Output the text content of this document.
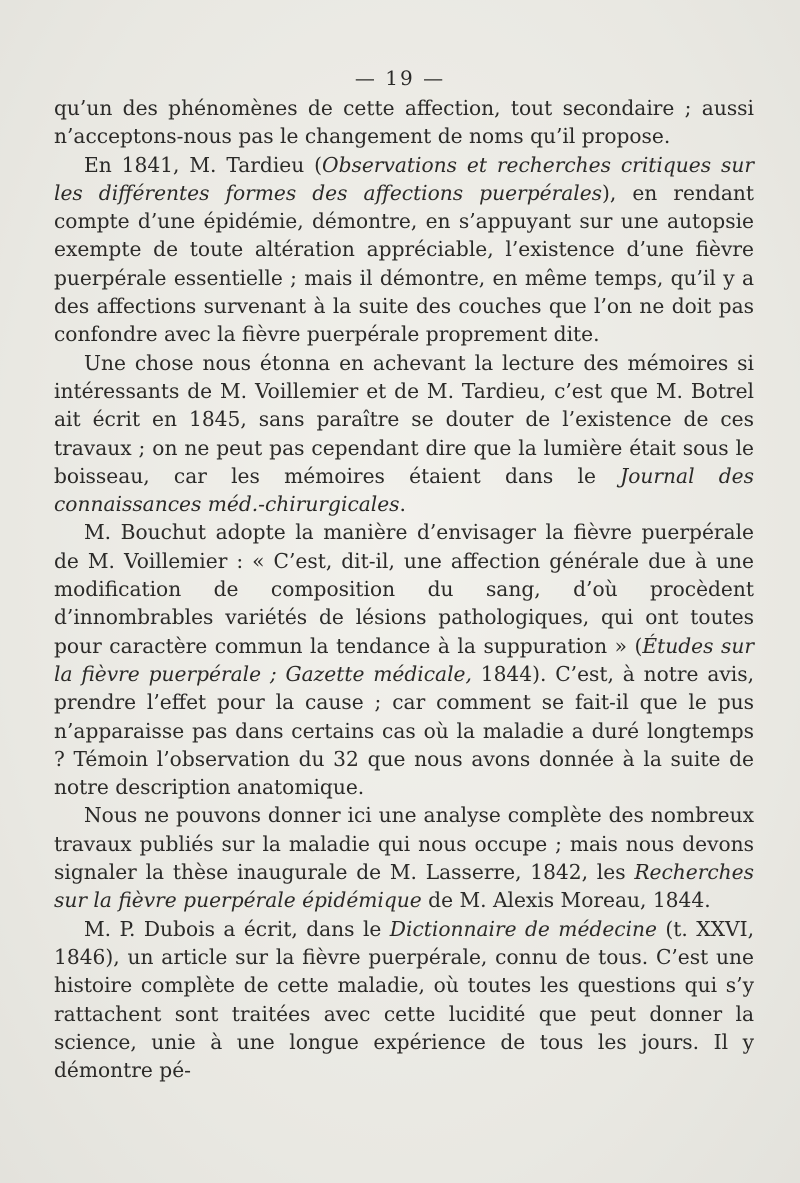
— 19 —

qu’un des phénomènes de cette affection, tout secondaire ; aussi n’acceptons-nous pas le changement de noms qu’il propose.

En 1841, M. Tardieu (Observations et recherches critiques sur les différentes formes des affections puerpérales), en rendant compte d’une épidémie, démontre, en s’appuyant sur une autopsie exempte de toute altération appréciable, l’existence d’une fièvre puerpérale essentielle ; mais il démontre, en même temps, qu’il y a des affections survenant à la suite des couches que l’on ne doit pas confondre avec la fièvre puerpérale proprement dite.

Une chose nous étonna en achevant la lecture des mémoires si intéressants de M. Voillemier et de M. Tardieu, c’est que M. Botrel ait écrit en 1845, sans paraître se douter de l’existence de ces travaux ; on ne peut pas cependant dire que la lumière était sous le boisseau, car les mémoires étaient dans le Journal des connaissances méd.-chirurgicales.

M. Bouchut adopte la manière d’envisager la fièvre puerpérale de M. Voillemier : « C’est, dit-il, une affection générale due à une modification de composition du sang, d’où procèdent d’innombrables variétés de lésions pathologiques, qui ont toutes pour caractère commun la tendance à la suppuration » (Études sur la fièvre puerpérale ; Gazette médicale, 1844). C’est, à notre avis, prendre l’effet pour la cause ; car comment se fait-il que le pus n’apparaisse pas dans certains cas où la maladie a duré longtemps ? Témoin l’observation du 32 que nous avons donnée à la suite de notre description anatomique.

Nous ne pouvons donner ici une analyse complète des nombreux travaux publiés sur la maladie qui nous occupe ; mais nous devons signaler la thèse inaugurale de M. Lasserre, 1842, les Recherches sur la fièvre puerpérale épidémique de M. Alexis Moreau, 1844.

M. P. Dubois a écrit, dans le Dictionnaire de médecine (t. XXVI, 1846), un article sur la fièvre puerpérale, connu de tous. C’est une histoire complète de cette maladie, où toutes les questions qui s’y rattachent sont traitées avec cette lucidité que peut donner la science, unie à une longue expérience de tous les jours. Il y démontre pé-
